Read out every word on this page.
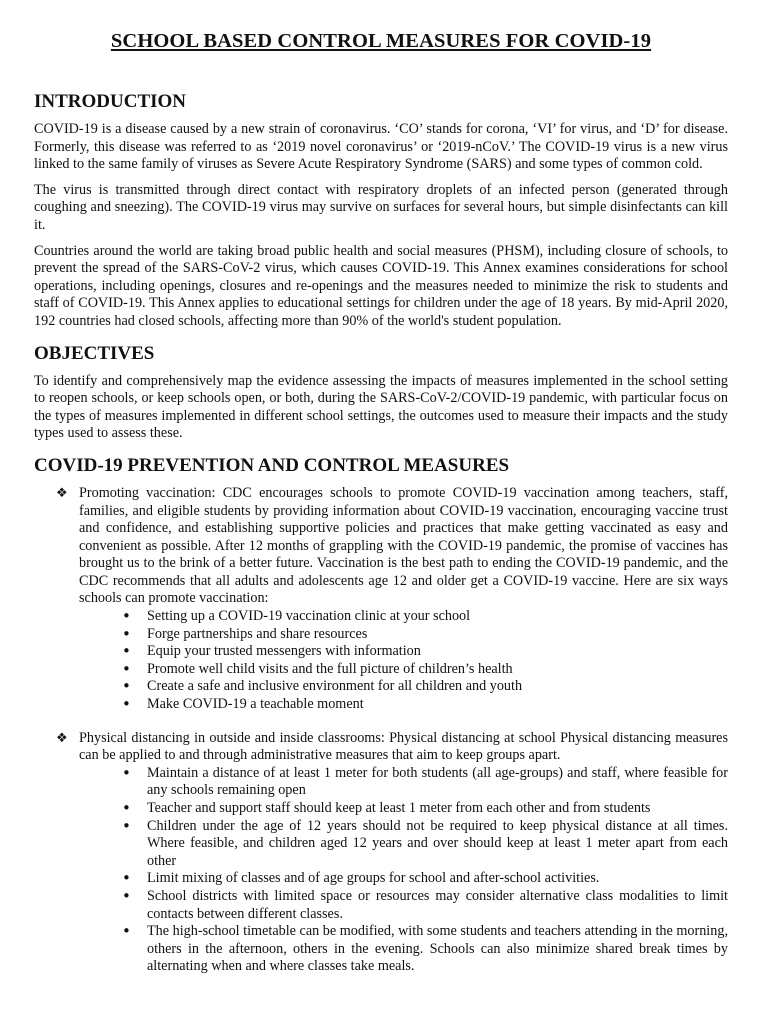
SCHOOL BASED CONTROL MEASURES FOR COVID-19
INTRODUCTION

COVID-19 is a disease caused by a new strain of coronavirus. ‘CO’ stands for corona, ‘VI’ for virus, and ‘D’ for disease. Formerly, this disease was referred to as ‘2019 novel coronavirus’ or ‘2019-nCoV.’ The COVID-19 virus is a new virus linked to the same family of viruses as Severe Acute Respiratory Syndrome (SARS) and some types of common cold.

The virus is transmitted through direct contact with respiratory droplets of an infected person (generated through coughing and sneezing). The COVID-19 virus may survive on surfaces for several hours, but simple disinfectants can kill it.

Countries around the world are taking broad public health and social measures (PHSM), including closure of schools, to prevent the spread of the SARS-CoV-2 virus, which causes COVID-19. This Annex examines considerations for school operations, including openings, closures and re-openings and the measures needed to minimize the risk to students and staff of COVID-19. This Annex applies to educational settings for children under the age of 18 years. By mid-April 2020, 192 countries had closed schools, affecting more than 90% of the world's student population.

OBJECTIVES

To identify and comprehensively map the evidence assessing the impacts of measures implemented in the school setting to reopen schools, or keep schools open, or both, during the SARS-CoV-2/COVID-19 pandemic, with particular focus on the types of measures implemented in different school settings, the outcomes used to measure their impacts and the study types used to assess these.

COVID-19 PREVENTION AND CONTROL MEASURES
❖ Promoting vaccination: CDC encourages schools to promote COVID-19 vaccination among teachers, staff, families, and eligible students by providing information about COVID-19 vaccination, encouraging vaccine trust and confidence, and establishing supportive policies and practices that make getting vaccinated as easy and convenient as possible. After 12 months of grappling with the COVID-19 pandemic, the promise of vaccines has brought us to the brink of a better future. Vaccination is the best path to ending the COVID-19 pandemic, and the CDC recommends that all adults and adolescents age 12 and older get a COVID-19 vaccine. Here are six ways schools can promote vaccination:

• Setting up a COVID-19 vaccination clinic at your school
• Forge partnerships and share resources
• Equip your trusted messengers with information
• Promote well child visits and the full picture of children’s health
• Create a safe and inclusive environment for all children and youth
• Make COVID-19 a teachable moment
❖ Physical distancing in outside and inside classrooms: Physical distancing at school Physical distancing measures can be applied to and through administrative measures that aim to keep groups apart.

• Maintain a distance of at least 1 meter for both students (all age-groups) and staff, where feasible for any schools remaining open
• Teacher and support staff should keep at least 1 meter from each other and from students
• Children under the age of 12 years should not be required to keep physical distance at all times. Where feasible, and children aged 12 years and over should keep at least 1 meter apart from each other
• Limit mixing of classes and of age groups for school and after-school activities.
• School districts with limited space or resources may consider alternative class modalities to limit contacts between different classes.
• The high-school timetable can be modified, with some students and teachers attending in the morning, others in the afternoon, others in the evening. Schools can also minimize shared break times by alternating when and where classes take meals.
